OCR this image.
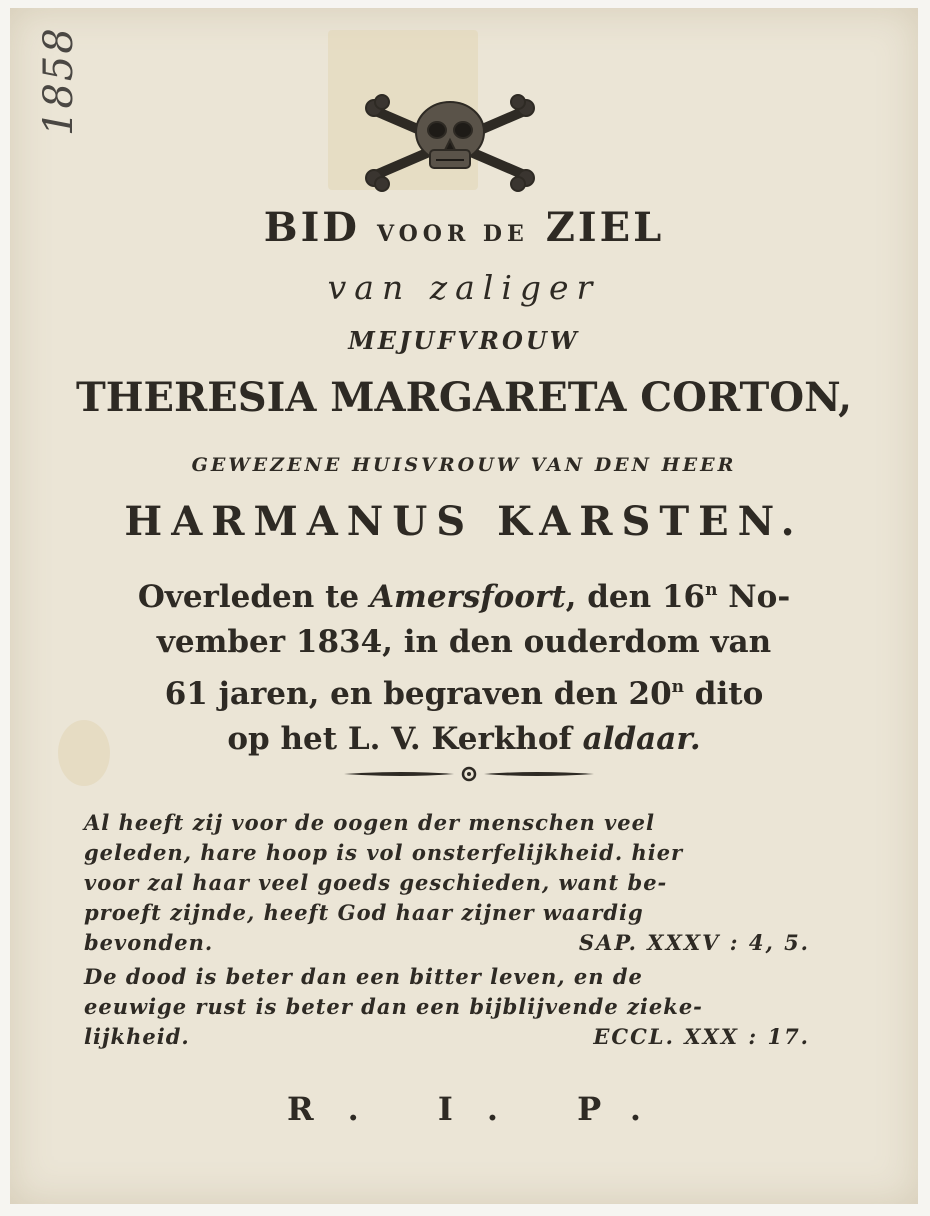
1858
BID VOOR DE ZIEL
van zaliger
MEJUFVROUW
THERESIA MARGARETA CORTON,
GEWEZENE HUISVROUW VAN DEN HEER
HARMANUS KARSTEN.
Overleden te Amersfoort, den 16$^n$ No-
vember 1834, in den ouderdom van
61 jaren, en begraven den 20$^n$ dito
op het L. V. Kerkhof aldaar.
Al heeft zij voor de oogen der menschen veel
geleden, hare hoop is vol onsterfelijkheid. hier
voor zal haar veel goeds geschieden, want be-
proeft zijnde, heeft God haar zijner waardig
bevonden.	SAP. XXXV : 4, 5.
De dood is beter dan een bitter leven, en de
eeuwige rust is beter dan een bijblijvende zieke-
lijkheid.	ECCL. XXX : 17.
R. I. P.
